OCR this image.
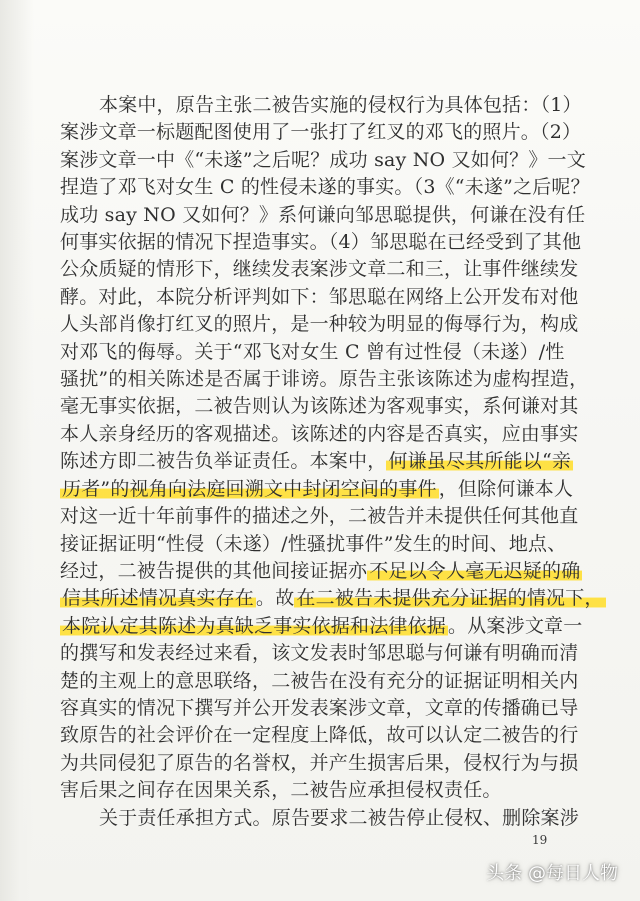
本案中，原告主张二被告实施的侵权行为具体包括：（1）
案涉文章一标题配图使用了一张打了红叉的邓飞的照片。（2）
案涉文章一中《“未遂”之后呢？成功 say NO 又如何？》一文
捏造了邓飞对女生 C 的性侵未遂的事实。（3《“未遂”之后呢？
成功 say NO 又如何？》系何谦向邹思聪提供，何谦在没有任
何事实依据的情况下捏造事实。（4）邹思聪在已经受到了其他
公众质疑的情形下，继续发表案涉文章二和三，让事件继续发
酵。对此，本院分析评判如下：邹思聪在网络上公开发布对他
人头部肖像打红叉的照片，是一种较为明显的侮辱行为，构成
对邓飞的侮辱。关于“邓飞对女生 C 曾有过性侵（未遂）/性
骚扰”的相关陈述是否属于诽谤。原告主张该陈述为虚构捏造，
毫无事实依据，二被告则认为该陈述为客观事实，系何谦对其
本人亲身经历的客观描述。该陈述的内容是否真实，应由事实
陈述方即二被告负举证责任。本案中， 何谦虽尽其所能以“亲
历者”的视角向法庭回溯文中封闭空间的事件 ，但除何谦本人
对这一近十年前事件的描述之外，二被告并未提供任何其他直
接证据证明“性侵（未遂）/性骚扰事件”发生的时间、地点、
经过，二被告提供的其他间接证据亦 不足以令人毫无迟疑的确
信其所述情况真实存在 。故 在二被告未提供充分证据的情况下，
本院认定其陈述为真缺乏事实依据和法律依据 。从案涉文章一
的撰写和发表经过来看，该文发表时邹思聪与何谦有明确而清
楚的主观上的意思联络，二被告在没有充分的证据证明相关内
容真实的情况下撰写并公开发表案涉文章，文章的传播确已导
致原告的社会评价在一定程度上降低，故可以认定二被告的行
为共同侵犯了原告的名誉权，并产生损害后果，侵权行为与损
害后果之间存在因果关系，二被告应承担侵权责任。
关于责任承担方式。原告要求二被告停止侵权、删除案涉
19
头条 @每日人物
